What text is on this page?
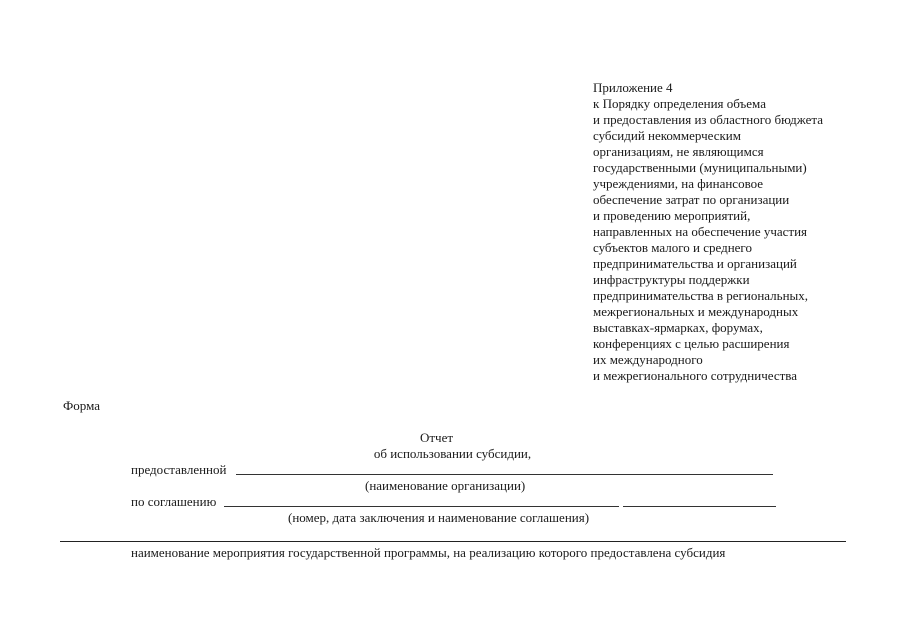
Приложение 4
к Порядку определения объема
и предоставления из областного бюджета
субсидий некоммерческим
организациям, не являющимся
государственными (муниципальными)
учреждениями, на финансовое
обеспечение затрат по организации
и проведению мероприятий,
направленных на обеспечение участия
субъектов малого и среднего
предпринимательства и организаций
инфраструктуры поддержки
предпринимательства в региональных,
межрегиональных и международных
выставках-ярмарках, форумах,
конференциях с целью расширения
их международного
и межрегионального сотрудничества
Форма
Отчет
об использовании субсидии,
предоставленной
(наименование организации)
по соглашению
(номер, дата заключения и наименование соглашения)
наименование мероприятия государственной программы, на реализацию которого предоставлена субсидия
